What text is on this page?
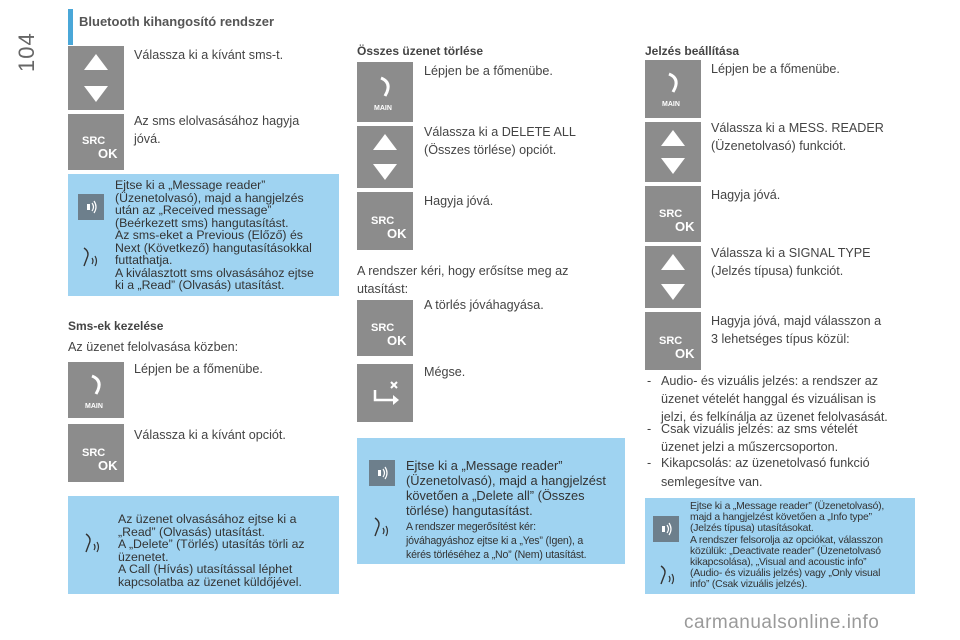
104
Bluetooth kihangosító rendszer
Válassza ki a kívánt sms-t.
SRC
OK
Az sms elolvasásához hagyja jóvá.
Ejtse ki a „Message reader”
(Üzenetolvasó), majd a hangjelzés
után az „Received message”
(Beérkezett sms) hangutasítást.
Az sms-eket a Previous (Előző) és
Next (Következő) hangutasításokkal
futtathatja.
A kiválasztott sms olvasásához ejtse
ki a „Read” (Olvasás) utasítást.
Sms-ek kezelése
Az üzenet felolvasása közben:
MAIN
Lépjen be a főmenübe.
SRC
OK
Válassza ki a kívánt opciót.
Az üzenet olvasásához ejtse ki a
„Read” (Olvasás) utasítást.
A „Delete” (Törlés) utasítás törli az
üzenetet.
A Call (Hívás) utasítással léphet
kapcsolatba az üzenet küldőjével.
Összes üzenet törlése
MAIN
Lépjen be a főmenübe.
Válassza ki a DELETE ALL
(Összes törlése) opciót.
SRC
OK
Hagyja jóvá.
A rendszer kéri, hogy erősítse meg az
utasítást:
SRC
OK
A törlés jóváhagyása.
Mégse.
Ejtse ki a „Message reader”
(Üzenetolvasó), majd a hangjelzést
követően a „Delete all” (Összes
törlése) hangutasítást.
A rendszer megerősítést kér:
jóváhagyáshoz ejtse ki a „Yes” (Igen), a
kérés törléséhez a „No” (Nem) utasítást.
Jelzés beállítása
MAIN
Lépjen be a főmenübe.
Válassza ki a MESS. READER
(Üzenetolvasó) funkciót.
SRC
OK
Hagyja jóvá.
Válassza ki a SIGNAL TYPE
(Jelzés típusa) funkciót.
SRC
OK
Hagyja jóvá, majd válasszon a
3 lehetséges típus közül:
- Audio- és vizuális jelzés: a rendszer az
üzenet vételét hanggal és vizuálisan is
jelzi, és felkínálja az üzenet felolvasását.
- Csak vizuális jelzés: az sms vételét
üzenet jelzi a műszercsoporton.
- Kikapcsolás: az üzenetolvasó funkció
semlegesítve van.
Ejtse ki a „Message reader” (Üzenetolvasó),
majd a hangjelzést követően a „Info type”
(Jelzés típusa) utasításokat.
A rendszer felsorolja az opciókat, válasszon
közülük: „Deactivate reader” (Üzenetolvasó
kikapcsolása), „Visual and acoustic info”
(Audio- és vizuális jelzés) vagy „Only visual
info” (Csak vizuális jelzés).
carmanualsonline.info
